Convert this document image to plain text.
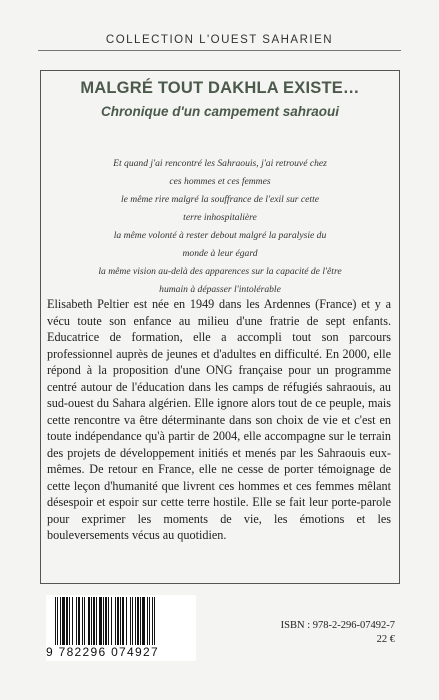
COLLECTION L'OUEST SAHARIEN
MALGRÉ TOUT DAKHLA EXISTE…
Chronique d'un campement sahraoui
Et quand j'ai rencontré les Sahraouis, j'ai retrouvé chez
ces hommes et ces femmes
le même rire malgré la souffrance de l'exil sur cette
terre inhospitalière
la même volonté à rester debout malgré la paralysie du
monde à leur égard
la même vision au-delà des apparences sur la capacité de l'être
humain à dépasser l'intolérable
Elisabeth Peltier est née en 1949 dans les Ardennes (France) et y a vécu toute son enfance au milieu d'une fratrie de sept enfants. Educatrice de formation, elle a accompli tout son parcours professionnel auprès de jeunes et d'adultes en difficulté. En 2000, elle répond à la proposition d'une ONG française pour un programme centré autour de l'éducation dans les camps de réfugiés sahraouis, au sud-ouest du Sahara algérien. Elle ignore alors tout de ce peuple, mais cette rencontre va être déterminante dans son choix de vie et c'est en toute indépendance qu'à partir de 2004, elle accompagne sur le terrain des projets de développement initiés et menés par les Sahraouis eux-mêmes. De retour en France, elle ne cesse de porter témoignage de cette leçon d'humanité que livrent ces hommes et ces femmes mêlant désespoir et espoir sur cette terre hostile. Elle se fait leur porte-parole pour exprimer les moments de vie, les émotions et les bouleversements vécus au quotidien.
9 782296 074927
ISBN : 978-2-296-07492-7
22 €
